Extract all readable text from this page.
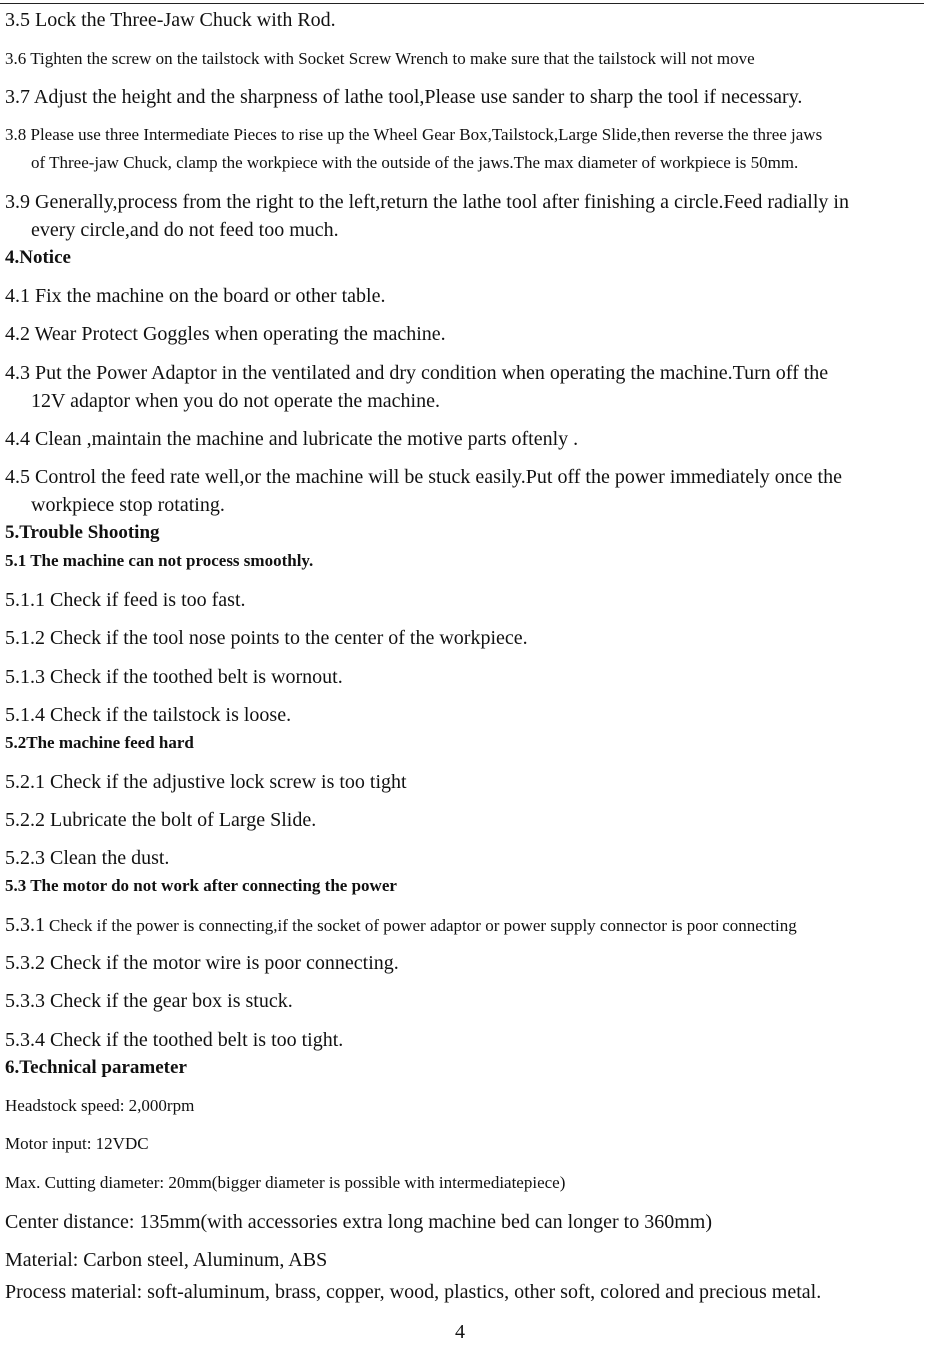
3.5 Lock the Three-Jaw Chuck with Rod.
3.6 Tighten the screw on the tailstock with Socket Screw Wrench to make sure that the tailstock will not move
3.7 Adjust the height and the sharpness of lathe tool,Please use sander to sharp the tool if necessary.
3.8 Please use three Intermediate Pieces to rise up the Wheel Gear Box,Tailstock,Large Slide,then reverse the three jaws
of Three-jaw Chuck, clamp the workpiece with the outside of the jaws.The max diameter of workpiece is 50mm.
3.9 Generally,process from the right to the left,return the lathe tool after finishing a circle.Feed radially in
every circle,and do not feed too much.
4.Notice
4.1 Fix the machine on the board or other table.
4.2 Wear Protect Goggles when operating the machine.
4.3 Put the Power Adaptor in the ventilated and dry condition when operating the machine.Turn off the
12V adaptor when you do not operate the machine.
4.4 Clean ,maintain the machine and lubricate the motive parts oftenly .
4.5 Control the feed rate well,or the machine will be stuck easily.Put off the power immediately once the
workpiece stop rotating.
5.Trouble Shooting
5.1 The machine can not process smoothly.
5.1.1 Check if feed is too fast.
5.1.2 Check if the tool nose points to the center of the workpiece.
5.1.3 Check if the toothed belt is wornout.
5.1.4 Check if the tailstock is loose.
5.2The machine feed hard
5.2.1 Check if the adjustive lock screw is too tight
5.2.2 Lubricate the bolt of Large Slide.
5.2.3 Clean the dust.
5.3 The motor do not work after connecting the power
5.3.1 Check if the power is connecting,if the socket of power adaptor or power supply connector is poor connecting
5.3.2 Check if the motor wire is poor connecting.
5.3.3 Check if the gear box is stuck.
5.3.4 Check if the toothed belt is too tight.
6.Technical parameter
Headstock speed: 2,000rpm
Motor input: 12VDC
Max. Cutting diameter: 20mm(bigger diameter is possible with intermediatepiece)
Center distance: 135mm(with accessories extra long machine bed can longer to 360mm)
Material: Carbon steel, Aluminum, ABS
Process material: soft-aluminum, brass, copper, wood, plastics, other soft, colored and precious metal.
4
